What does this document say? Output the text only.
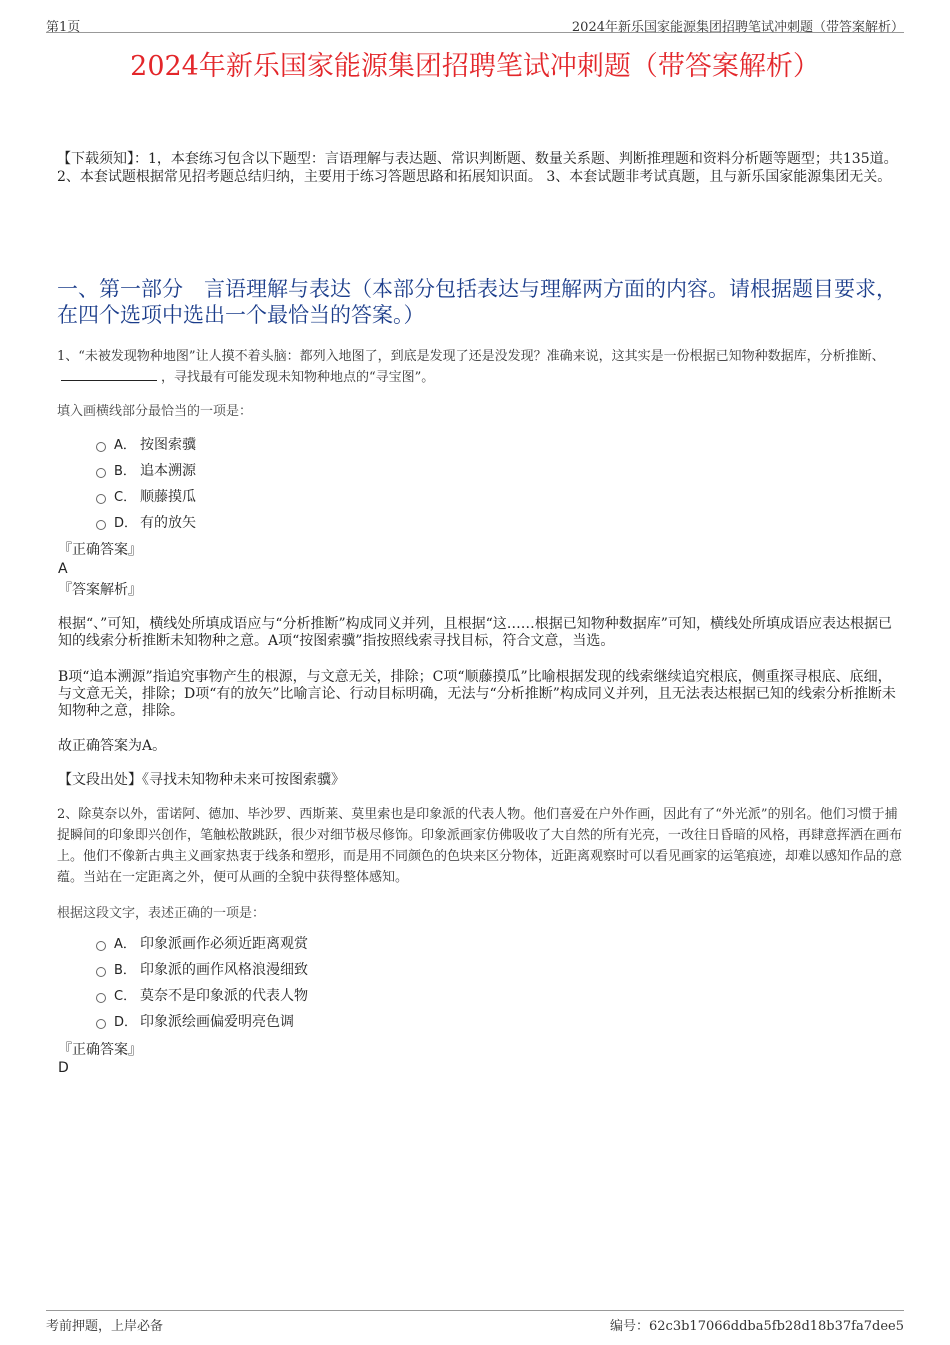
第1页	2024年新乐国家能源集团招聘笔试冲刺题（带答案解析）
2024年新乐国家能源集团招聘笔试冲刺题（带答案解析）
【下载须知】：1，本套练习包含以下题型：言语理解与表达题、常识判断题、数量关系题、判断推理题和资料分析题等题型；共135道。 2、本套试题根据常见招考题总结归纳，主要用于练习答题思路和拓展知识面。 3、本套试题非考试真题，且与新乐国家能源集团无关。
一、第一部分　言语理解与表达（本部分包括表达与理解两方面的内容。请根据题目要求，在四个选项中选出一个最恰当的答案。）
1、“未被发现物种地图”让人摸不着头脑：都列入地图了，到底是发现了还是没发现？准确来说，这其实是一份根据已知物种数据库，分析推断、，寻找最有可能发现未知物种地点的“寻宝图”。
填入画横线部分最恰当的一项是：
A． 按图索骥
B． 追本溯源
C． 顺藤摸瓜
D． 有的放矢
『正确答案』
A
『答案解析』
根据“、”可知，横线处所填成语应与“分析推断”构成同义并列，且根据“这……根据已知物种数据库”可知，横线处所填成语应表达根据已知的线索分析推断未知物种之意。A项“按图索骥”指按照线索寻找目标，符合文意，当选。
B项“追本溯源”指追究事物产生的根源，与文意无关，排除；C项“顺藤摸瓜”比喻根据发现的线索继续追究根底，侧重探寻根底、底细，与文意无关，排除；D项“有的放矢”比喻言论、行动目标明确，无法与“分析推断”构成同义并列，且无法表达根据已知的线索分析推断未知物种之意，排除。
故正确答案为A。
【文段出处】《寻找未知物种未来可按图索骥》
2、除莫奈以外，雷诺阿、德加、毕沙罗、西斯莱、莫里索也是印象派的代表人物。他们喜爱在户外作画，因此有了“外光派”的别名。他们习惯于捕捉瞬间的印象即兴创作，笔触松散跳跃，很少对细节极尽修饰。印象派画家仿佛吸收了大自然的所有光亮，一改往日昏暗的风格，再肆意挥洒在画布上。他们不像新古典主义画家热衷于线条和塑形，而是用不同颜色的色块来区分物体，近距离观察时可以看见画家的运笔痕迹，却难以感知作品的意蕴。当站在一定距离之外，便可从画的全貌中获得整体感知。
根据这段文字，表述正确的一项是：
A． 印象派画作必须近距离观赏
B． 印象派的画作风格浪漫细致
C． 莫奈不是印象派的代表人物
D． 印象派绘画偏爱明亮色调
『正确答案』
D
考前押题，上岸必备	编号：62c3b17066ddba5fb28d18b37fa7dee5
